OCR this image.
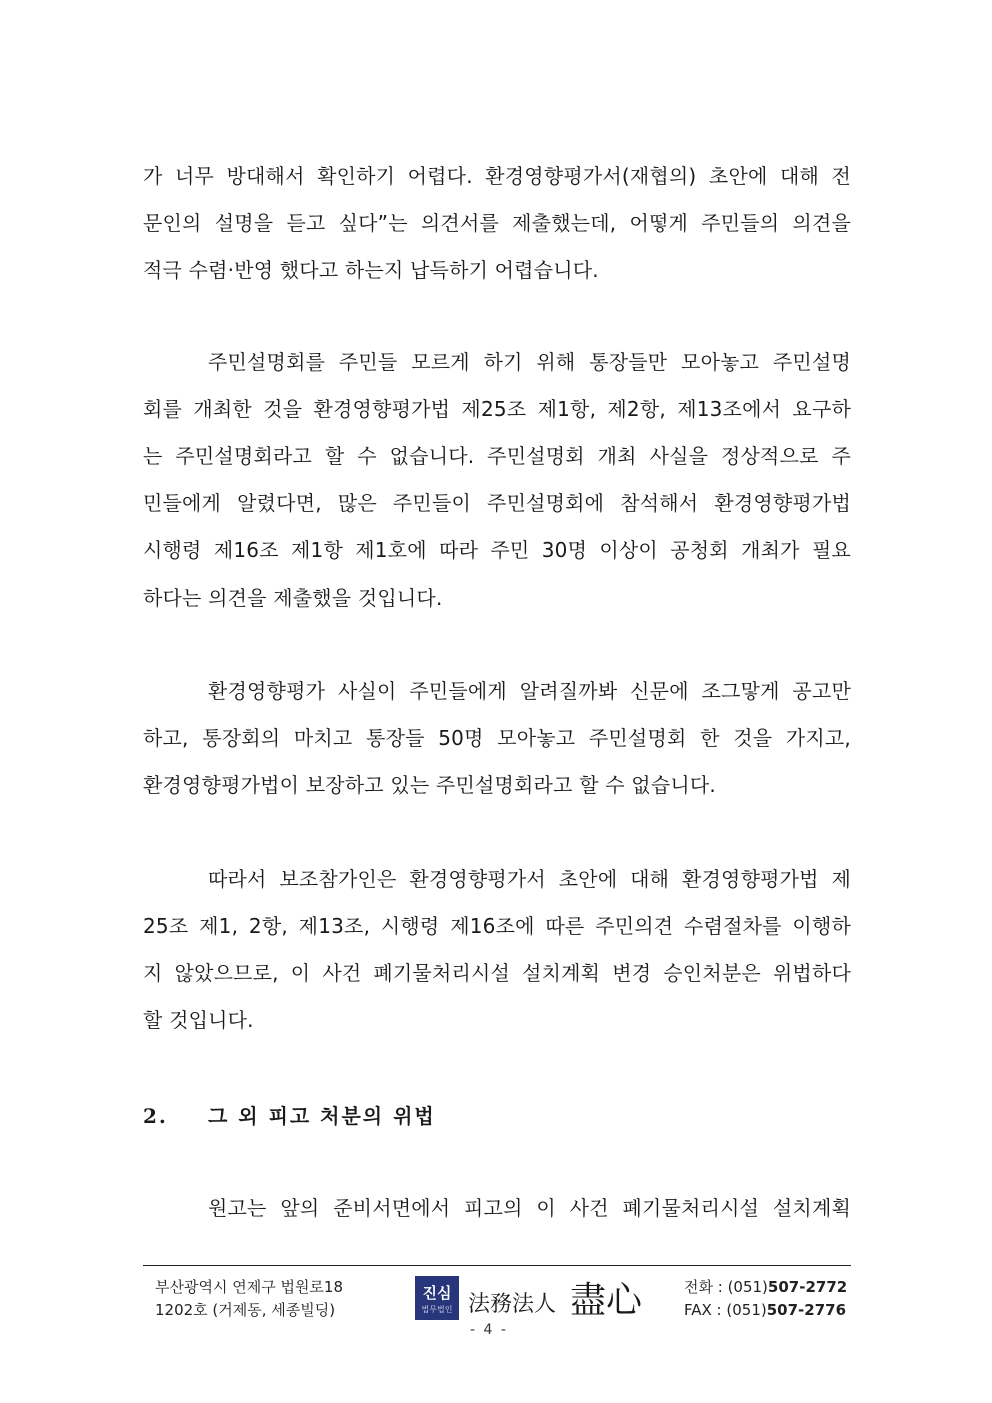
가 너무 방대해서 확인하기 어렵다. 환경영향평가서(재협의) 초안에 대해 전
문인의 설명을 듣고 싶다”는 의견서를 제출했는데, 어떻게 주민들의 의견을
적극 수렴·반영 했다고 하는지 납득하기 어렵습니다.
주민설명회를 주민들 모르게 하기 위해 통장들만 모아놓고 주민설명
회를 개최한 것을 환경영향평가법 제25조 제1항, 제2항, 제13조에서 요구하
는 주민설명회라고 할 수 없습니다. 주민설명회 개최 사실을 정상적으로 주
민들에게 알렸다면, 많은 주민들이 주민설명회에 참석해서 환경영향평가법
시행령 제16조 제1항 제1호에 따라 주민 30명 이상이 공청회 개최가 필요
하다는 의견을 제출했을 것입니다.
환경영향평가 사실이 주민들에게 알려질까봐 신문에 조그맣게 공고만
하고, 통장회의 마치고 통장들 50명 모아놓고 주민설명회 한 것을 가지고,
환경영향평가법이 보장하고 있는 주민설명회라고 할 수 없습니다.
따라서 보조참가인은 환경영향평가서 초안에 대해 환경영향평가법 제
25조 제1, 2항, 제13조, 시행령 제16조에 따른 주민의견 수렴절차를 이행하
지 않았으므로, 이 사건 폐기물처리시설 설치계획 변경 승인처분은 위법하다
할 것입니다.
2. 그 외 피고 처분의 위법
원고는 앞의 준비서면에서 피고의 이 사건 폐기물처리시설 설치계획
부산광역시 연제구 법원로18
1202호 (거제동, 세종빌딩)
진심
법무법인 法務法人 盡心
- 4 -
전화 : (051)507-2772
FAX : (051)507-2776
